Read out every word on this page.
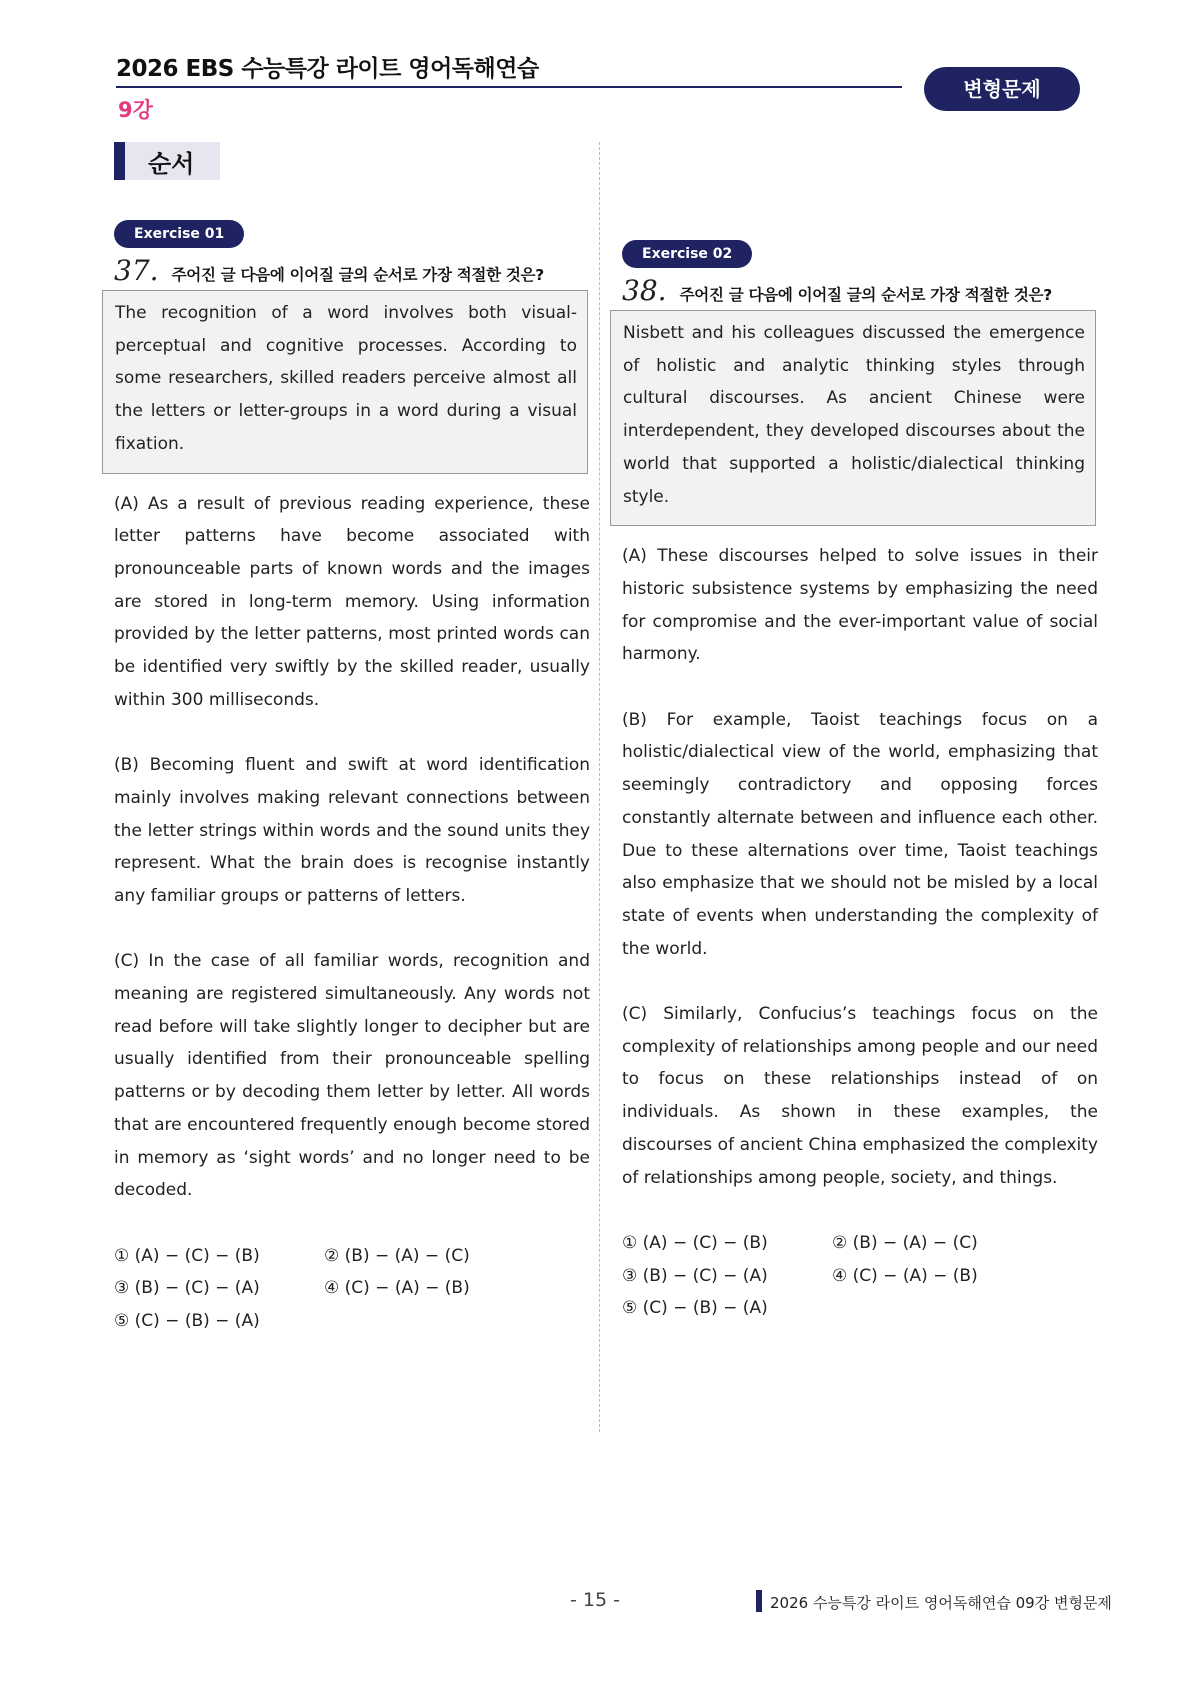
2026 EBS 수능특강 라이트 영어독해연습
9강
변형문제
순서
Exercise 01
37. 주어진 글 다음에 이어질 글의 순서로 가장 적절한 것은?
The recognition of a word involves both visual-perceptual and cognitive processes. According to some researchers, skilled readers perceive almost all the letters or letter-groups in a word during a visual fixation.

(A) As a result of previous reading experience, these letter patterns have become associated with pronounceable parts of known words and the images are stored in long-term memory. Using information provided by the letter patterns, most printed words can be identified very swiftly by the skilled reader, usually within 300 milliseconds.

(B) Becoming fluent and swift at word identification mainly involves making relevant connections between the letter strings within words and the sound units they represent. What the brain does is recognise instantly any familiar groups or patterns of letters.

(C) In the case of all familiar words, recognition and meaning are registered simultaneously. Any words not read before will take slightly longer to decipher but are usually identified from their pronounceable spelling patterns or by decoding them letter by letter. All words that are encountered frequently enough become stored in memory as ‘sight words’ and no longer need to be decoded.

① (A) − (C) − (B)	② (B) − (A) − (C)
③ (B) − (C) − (A)	④ (C) − (A) − (B)
⑤ (C) − (B) − (A)
Exercise 02
38. 주어진 글 다음에 이어질 글의 순서로 가장 적절한 것은?
Nisbett and his colleagues discussed the emergence of holistic and analytic thinking styles through cultural discourses. As ancient Chinese were interdependent, they developed discourses about the world that supported a holistic/dialectical thinking style.

(A) These discourses helped to solve issues in their historic subsistence systems by emphasizing the need for compromise and the ever-important value of social harmony.

(B) For example, Taoist teachings focus on a holistic/dialectical view of the world, emphasizing that seemingly contradictory and opposing forces constantly alternate between and influence each other. Due to these alternations over time, Taoist teachings also emphasize that we should not be misled by a local state of events when understanding the complexity of the world.

(C) Similarly, Confucius’s teachings focus on the complexity of relationships among people and our need to focus on these relationships instead of on individuals. As shown in these examples, the discourses of ancient China emphasized the complexity of relationships among people, society, and things.

① (A) − (C) − (B)	② (B) − (A) − (C)
③ (B) − (C) − (A)	④ (C) − (A) − (B)
⑤ (C) − (B) − (A)
- 15 -	2026 수능특강 라이트 영어독해연습 09강 변형문제
